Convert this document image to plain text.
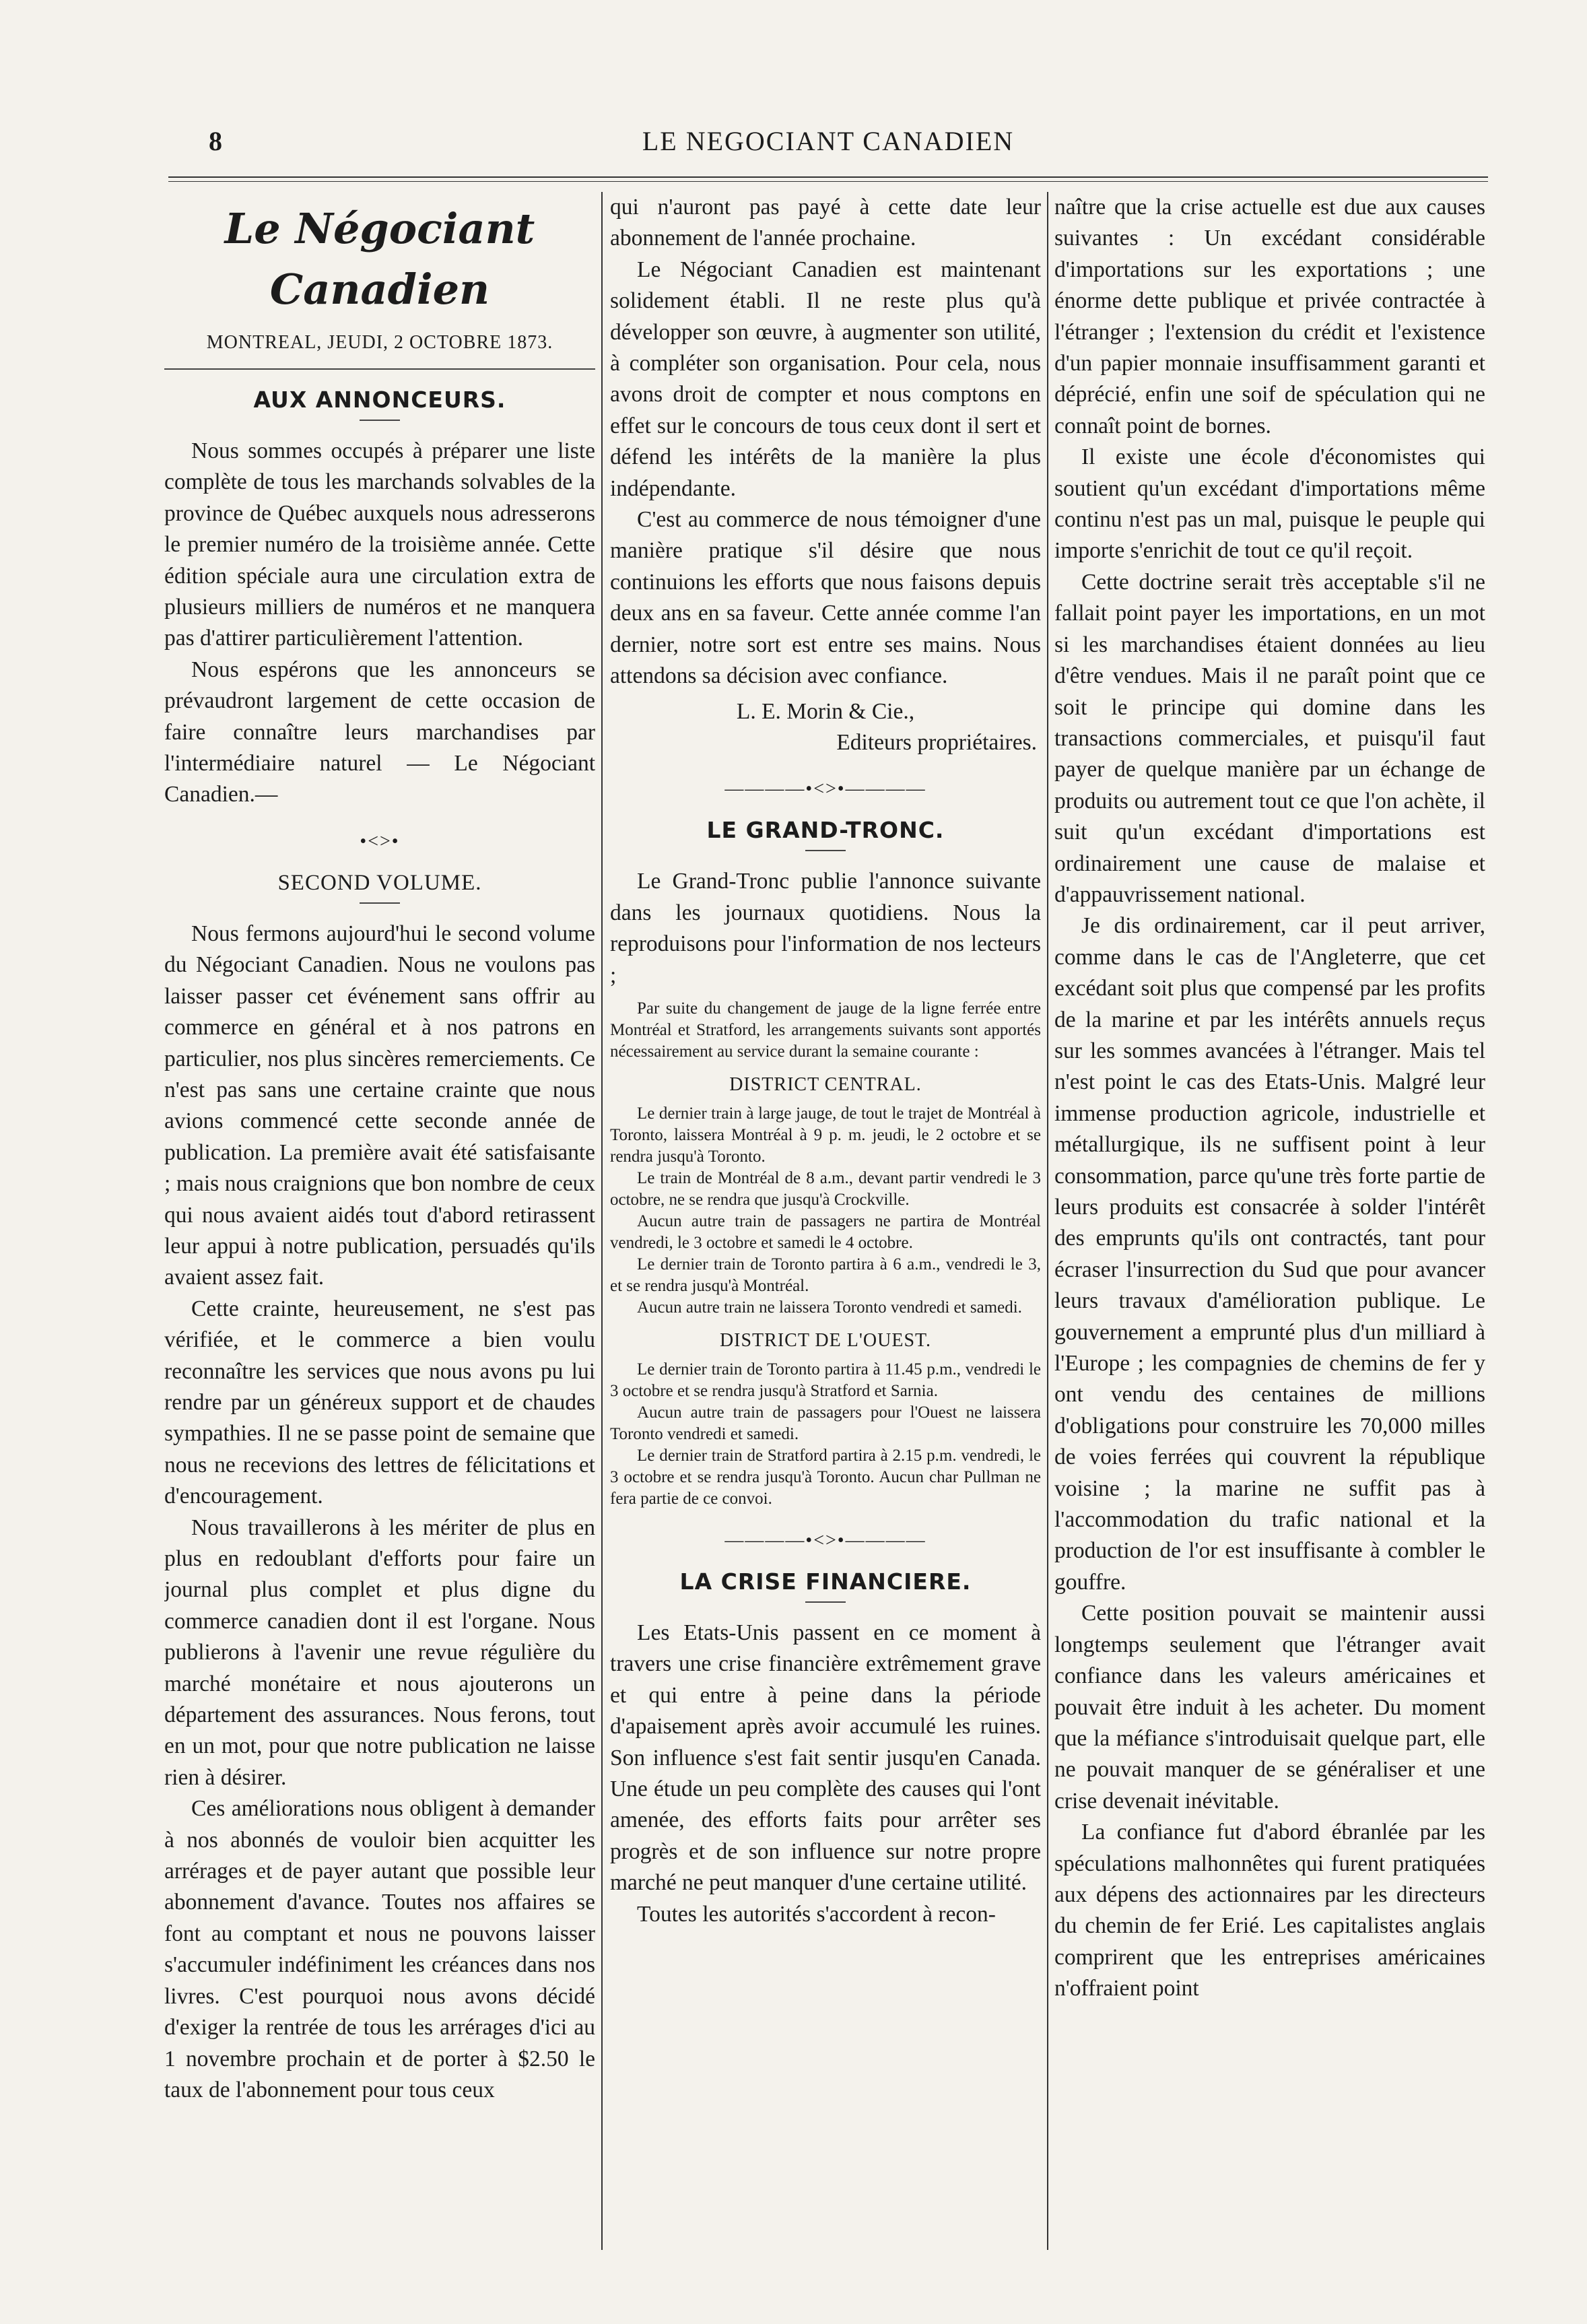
8	LE NEGOCIANT CANADIEN
Le Négociant Canadien
MONTREAL, JEUDI, 2 OCTOBRE 1873.
AUX ANNONCEURS.

Nous sommes occupés à préparer une liste complète de tous les marchands solvables de la province de Québec auxquels nous adresserons le premier numéro de la troisième année. Cette édition spéciale aura une circulation extra de plusieurs milliers de numéros et ne manquera pas d'attirer particulièrement l'attention.

Nous espérons que les annonceurs se prévaudront largement de cette occasion de faire connaître leurs marchandises par l'intermédiaire naturel — Le Négociant Canadien.—

•<>•
SECOND VOLUME.

Nous fermons aujourd'hui le second volume du Négociant Canadien. Nous ne voulons pas laisser passer cet événement sans offrir au commerce en général et à nos patrons en particulier, nos plus sincères remerciements. Ce n'est pas sans une certaine crainte que nous avions commencé cette seconde année de publication. La première avait été satisfaisante ; mais nous craignions que bon nombre de ceux qui nous avaient aidés tout d'abord retirassent leur appui à notre publication, persuadés qu'ils avaient assez fait.

Cette crainte, heureusement, ne s'est pas vérifiée, et le commerce a bien voulu reconnaître les services que nous avons pu lui rendre par un généreux support et de chaudes sympathies. Il ne se passe point de semaine que nous ne recevions des lettres de félicitations et d'encouragement.

Nous travaillerons à les mériter de plus en plus en redoublant d'efforts pour faire un journal plus complet et plus digne du commerce canadien dont il est l'organe. Nous publierons à l'avenir une revue régulière du marché monétaire et nous ajouterons un département des assurances. Nous ferons, tout en un mot, pour que notre publication ne laisse rien à désirer.

Ces améliorations nous obligent à demander à nos abonnés de vouloir bien acquitter les arrérages et de payer autant que possible leur abonnement d'avance. Toutes nos affaires se font au comptant et nous ne pouvons laisser s'accumuler indéfiniment les créances dans nos livres. C'est pourquoi nous avons décidé d'exiger la rentrée de tous les arrérages d'ici au 1 novembre prochain et de porter à $2.50 le taux de l'abonnement pour tous ceux

qui n'auront pas payé à cette date leur abonnement de l'année prochaine.

Le Négociant Canadien est maintenant solidement établi. Il ne reste plus qu'à développer son œuvre, à augmenter son utilité, à compléter son organisation. Pour cela, nous avons droit de compter et nous comptons en effet sur le concours de tous ceux dont il sert et défend les intérêts de la manière la plus indépendante.

C'est au commerce de nous témoigner d'une manière pratique s'il désire que nous continuions les efforts que nous faisons depuis deux ans en sa faveur. Cette année comme l'an dernier, notre sort est entre ses mains. Nous attendons sa décision avec confiance.

L. E. Morin & Cie.,
Editeurs propriétaires.
————•<>•————
LE GRAND-TRONC.

Le Grand-Tronc publie l'annonce suivante dans les journaux quotidiens. Nous la reproduisons pour l'information de nos lecteurs ;

Par suite du changement de jauge de la ligne ferrée entre Montréal et Stratford, les arrangements suivants sont apportés nécessairement au service durant la semaine courante :

DISTRICT CENTRAL.

Le dernier train à large jauge, de tout le trajet de Montréal à Toronto, laissera Montréal à 9 p. m. jeudi, le 2 octobre et se rendra jusqu'à Toronto.

Le train de Montréal de 8 a.m., devant partir vendredi le 3 octobre, ne se rendra que jusqu'à Crockville.

Aucun autre train de passagers ne partira de Montréal vendredi, le 3 octobre et samedi le 4 octobre.

Le dernier train de Toronto partira à 6 a.m., vendredi le 3, et se rendra jusqu'à Montréal.

Aucun autre train ne laissera Toronto vendredi et samedi.

DISTRICT DE L'OUEST.

Le dernier train de Toronto partira à 11.45 p.m., vendredi le 3 octobre et se rendra jusqu'à Stratford et Sarnia.

Aucun autre train de passagers pour l'Ouest ne laissera Toronto vendredi et samedi.

Le dernier train de Stratford partira à 2.15 p.m. vendredi, le 3 octobre et se rendra jusqu'à Toronto. Aucun char Pullman ne fera partie de ce convoi.

————•<>•————
LA CRISE FINANCIERE.

Les Etats-Unis passent en ce moment à travers une crise financière extrêmement grave et qui entre à peine dans la période d'apaisement après avoir accumulé les ruines. Son influence s'est fait sentir jusqu'en Canada. Une étude un peu complète des causes qui l'ont amenée, des efforts faits pour arrêter ses progrès et de son influence sur notre propre marché ne peut manquer d'une certaine utilité.

Toutes les autorités s'accordent à recon-

naître que la crise actuelle est due aux causes suivantes : Un excédant considérable d'importations sur les exportations ; une énorme dette publique et privée contractée à l'étranger ; l'extension du crédit et l'existence d'un papier monnaie insuffisamment garanti et déprécié, enfin une soif de spéculation qui ne connaît point de bornes.

Il existe une école d'économistes qui soutient qu'un excédant d'importations même continu n'est pas un mal, puisque le peuple qui importe s'enrichit de tout ce qu'il reçoit.

Cette doctrine serait très acceptable s'il ne fallait point payer les importations, en un mot si les marchandises étaient données au lieu d'être vendues. Mais il ne paraît point que ce soit le principe qui domine dans les transactions commerciales, et puisqu'il faut payer de quelque manière par un échange de produits ou autrement tout ce que l'on achète, il suit qu'un excédant d'importations est ordinairement une cause de malaise et d'appauvrissement national.

Je dis ordinairement, car il peut arriver, comme dans le cas de l'Angleterre, que cet excédant soit plus que compensé par les profits de la marine et par les intérêts annuels reçus sur les sommes avancées à l'étranger. Mais tel n'est point le cas des Etats-Unis. Malgré leur immense production agricole, industrielle et métallurgique, ils ne suffisent point à leur consommation, parce qu'une très forte partie de leurs produits est consacrée à solder l'intérêt des emprunts qu'ils ont contractés, tant pour écraser l'insurrection du Sud que pour avancer leurs travaux d'amélioration publique. Le gouvernement a emprunté plus d'un milliard à l'Europe ; les compagnies de chemins de fer y ont vendu des centaines de millions d'obligations pour construire les 70,000 milles de voies ferrées qui couvrent la république voisine ; la marine ne suffit pas à l'accommodation du trafic national et la production de l'or est insuffisante à combler le gouffre.

Cette position pouvait se maintenir aussi longtemps seulement que l'étranger avait confiance dans les valeurs américaines et pouvait être induit à les acheter. Du moment que la méfiance s'introduisait quelque part, elle ne pouvait manquer de se généraliser et une crise devenait inévitable.

La confiance fut d'abord ébranlée par les spéculations malhonnêtes qui furent pratiquées aux dépens des actionnaires par les directeurs du chemin de fer Erié. Les capitalistes anglais comprirent que les entreprises américaines n'offraient point
